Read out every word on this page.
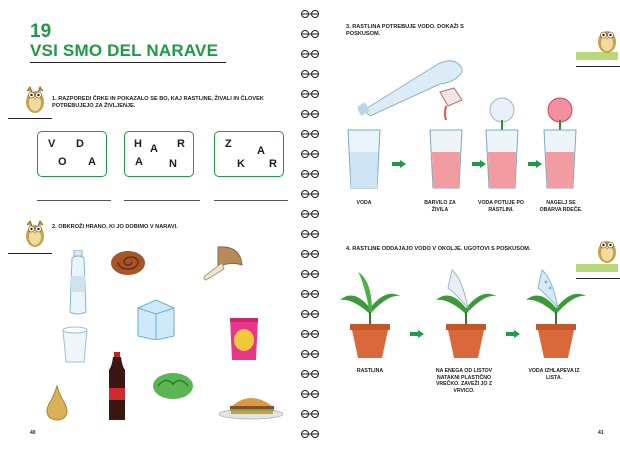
19
VSI SMO DEL NARAVE
1. RAZPOREDI ČRKE IN POKAZALO SE BO, KAJ RASTLINE, ŽIVALI IN ČLOVEK POTREBUJEJO ZA ŽIVLJENJE.
V D
O A
H A R
A N
Z
A
K R
2. OBKROŽI HRANO, KI JO DOBIMO V NARAVI.
40
3. RASTLINA POTREBUJE VODO. DOKAŽI S POSKUSOM.
VODA	BARVILO ZA ŽIVILA
VODA POTUJE PO RASTLINI.
NAGELJ SE OBARVA RDEČE.
4. RASTLINE ODDAJAJO VODO V OKOLJE. UGOTOVI S POSKUSOM.
RASTLINA	NA ENEGA OD LISTOV NATAKNI PLASTIČNO VREČKO. ZAVEŽI JO Z VRVICO.
VODA IZHLAPEVA IZ LISTA.
41
